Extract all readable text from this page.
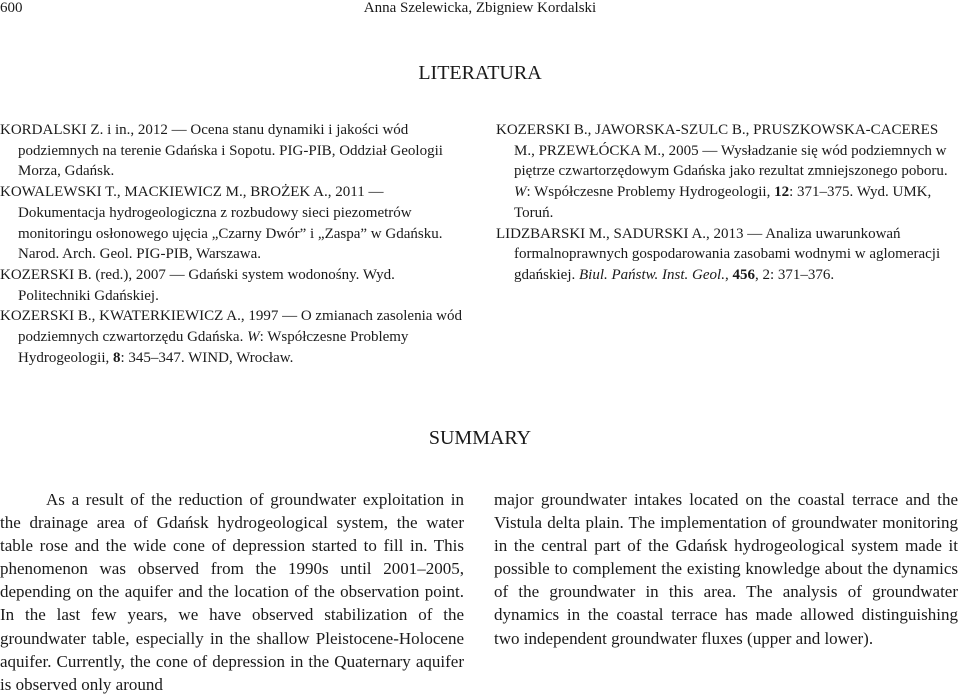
600	Anna Szelewicka, Zbigniew Kordalski
LITERATURA
KORDALSKI Z. i in., 2012 — Ocena stanu dynamiki i jakości wód podziemnych na terenie Gdańska i Sopotu. PIG-PIB, Oddział Geologii Morza, Gdańsk.
KOWALEWSKI T., MACKIEWICZ M., BROŻEK A., 2011 — Dokumentacja hydrogeologiczna z rozbudowy sieci piezometrów monitoringu osłonowego ujęcia „Czarny Dwór” i „Zaspa” w Gdańsku. Narod. Arch. Geol. PIG-PIB, Warszawa.
KOZERSKI B. (red.), 2007 — Gdański system wodonośny. Wyd. Politechniki Gdańskiej.
KOZERSKI B., KWATERKIEWICZ A., 1997 — O zmianach zasolenia wód podziemnych czwartorzędu Gdańska. W: Współczesne Problemy Hydrogeologii, 8: 345–347. WIND, Wrocław.
KOZERSKI B., JAWORSKA-SZULC B., PRUSZKOWSKA-CACERES M., PRZEWŁÓCKA M., 2005 — Wysładzanie się wód podziemnych w piętrze czwartorzędowym Gdańska jako rezultat zmniejszonego poboru. W: Współczesne Problemy Hydrogeologii, 12: 371–375. Wyd. UMK, Toruń.
LIDZBARSKI M., SADURSKI A., 2013 — Analiza uwarunkowań formalnoprawnych gospodarowania zasobami wodnymi w aglomeracji gdańskiej. Biul. Państw. Inst. Geol., 456, 2: 371–376.
SUMMARY

As a result of the reduction of groundwater exploitation in the drainage area of Gdańsk hydrogeological system, the water table rose and the wide cone of depression started to fill in. This phenomenon was observed from the 1990s until 2001–2005, depending on the aquifer and the location of the observation point. In the last few years, we have observed stabilization of the groundwater table, especially in the shallow Pleistocene-Holocene aquifer. Currently, the cone of depression in the Quaternary aquifer is observed only around

major groundwater intakes located on the coastal terrace and the Vistula delta plain. The implementation of groundwater monitoring in the central part of the Gdańsk hydrogeological system made it possible to complement the existing knowledge about the dynamics of the groundwater in this area. The analysis of groundwater dynamics in the coastal terrace has made allowed distinguishing two independent groundwater fluxes (upper and lower).
